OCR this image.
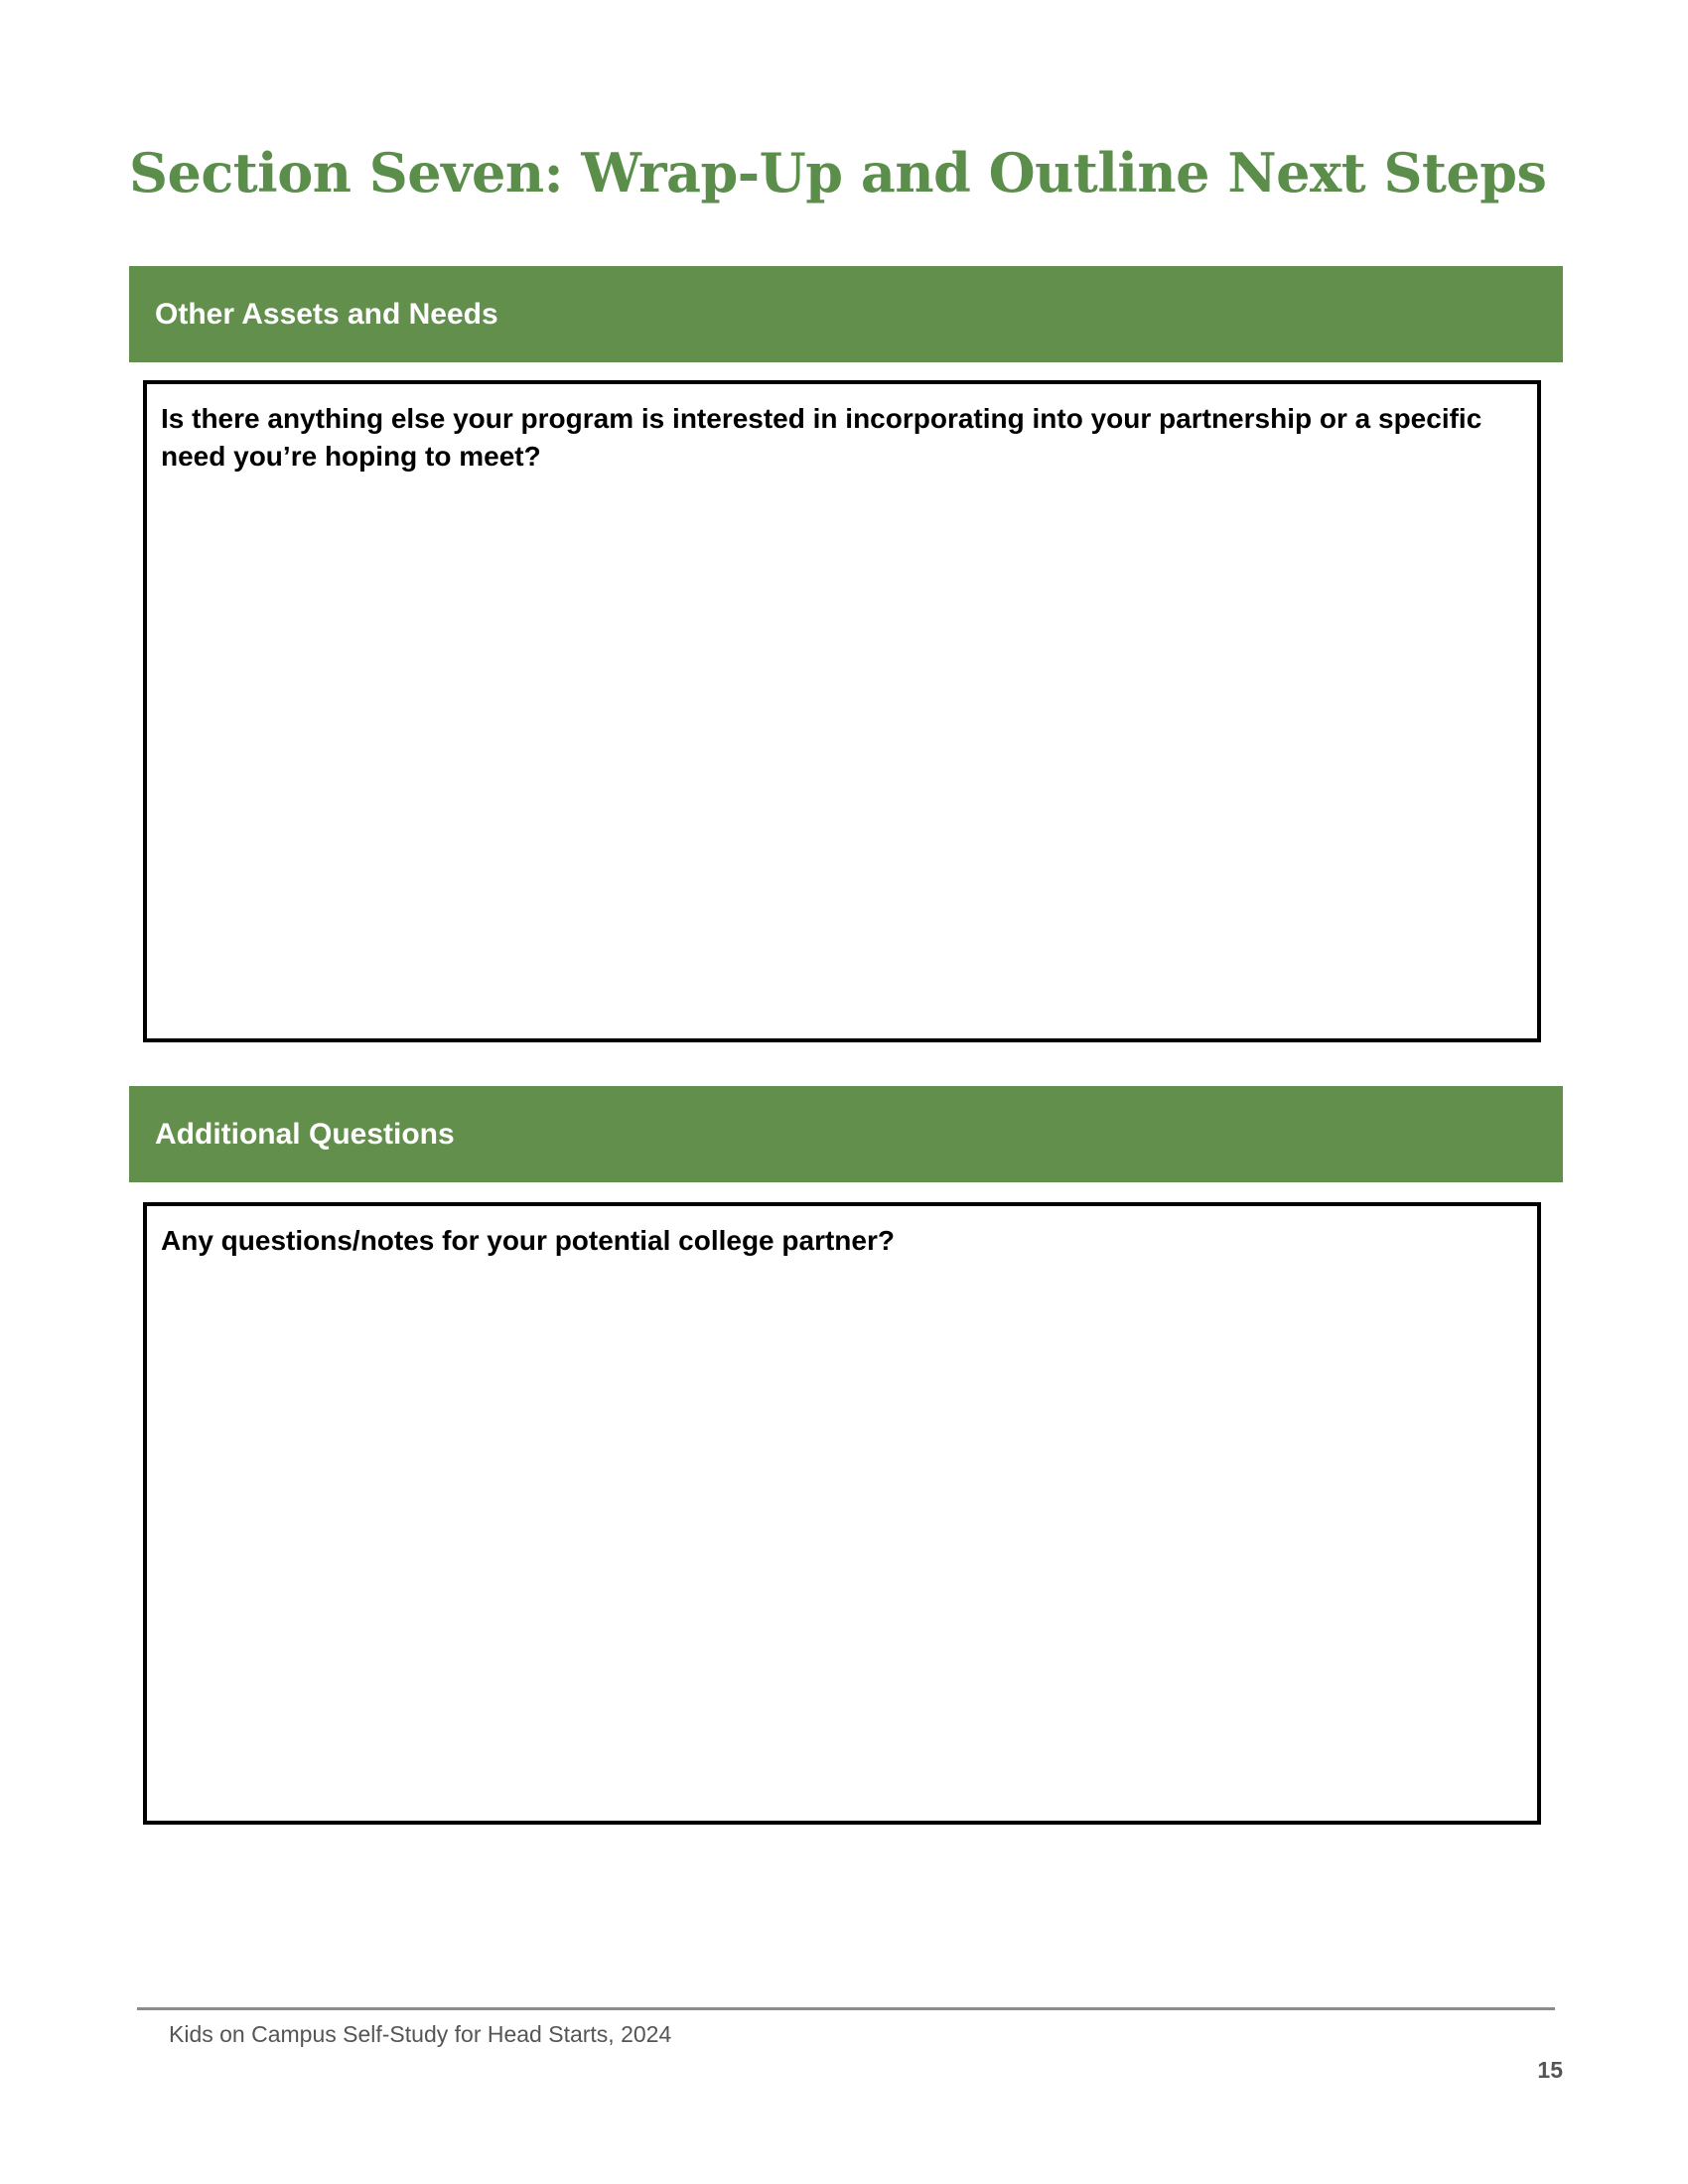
Section Seven: Wrap-Up and Outline Next Steps
Other Assets and Needs

Is there anything else your program is interested in incorporating into your partnership or a specific need you’re hoping to meet?

Additional Questions

Any questions/notes for your potential college partner?

Kids on Campus Self-Study for Head Starts, 2024
15
